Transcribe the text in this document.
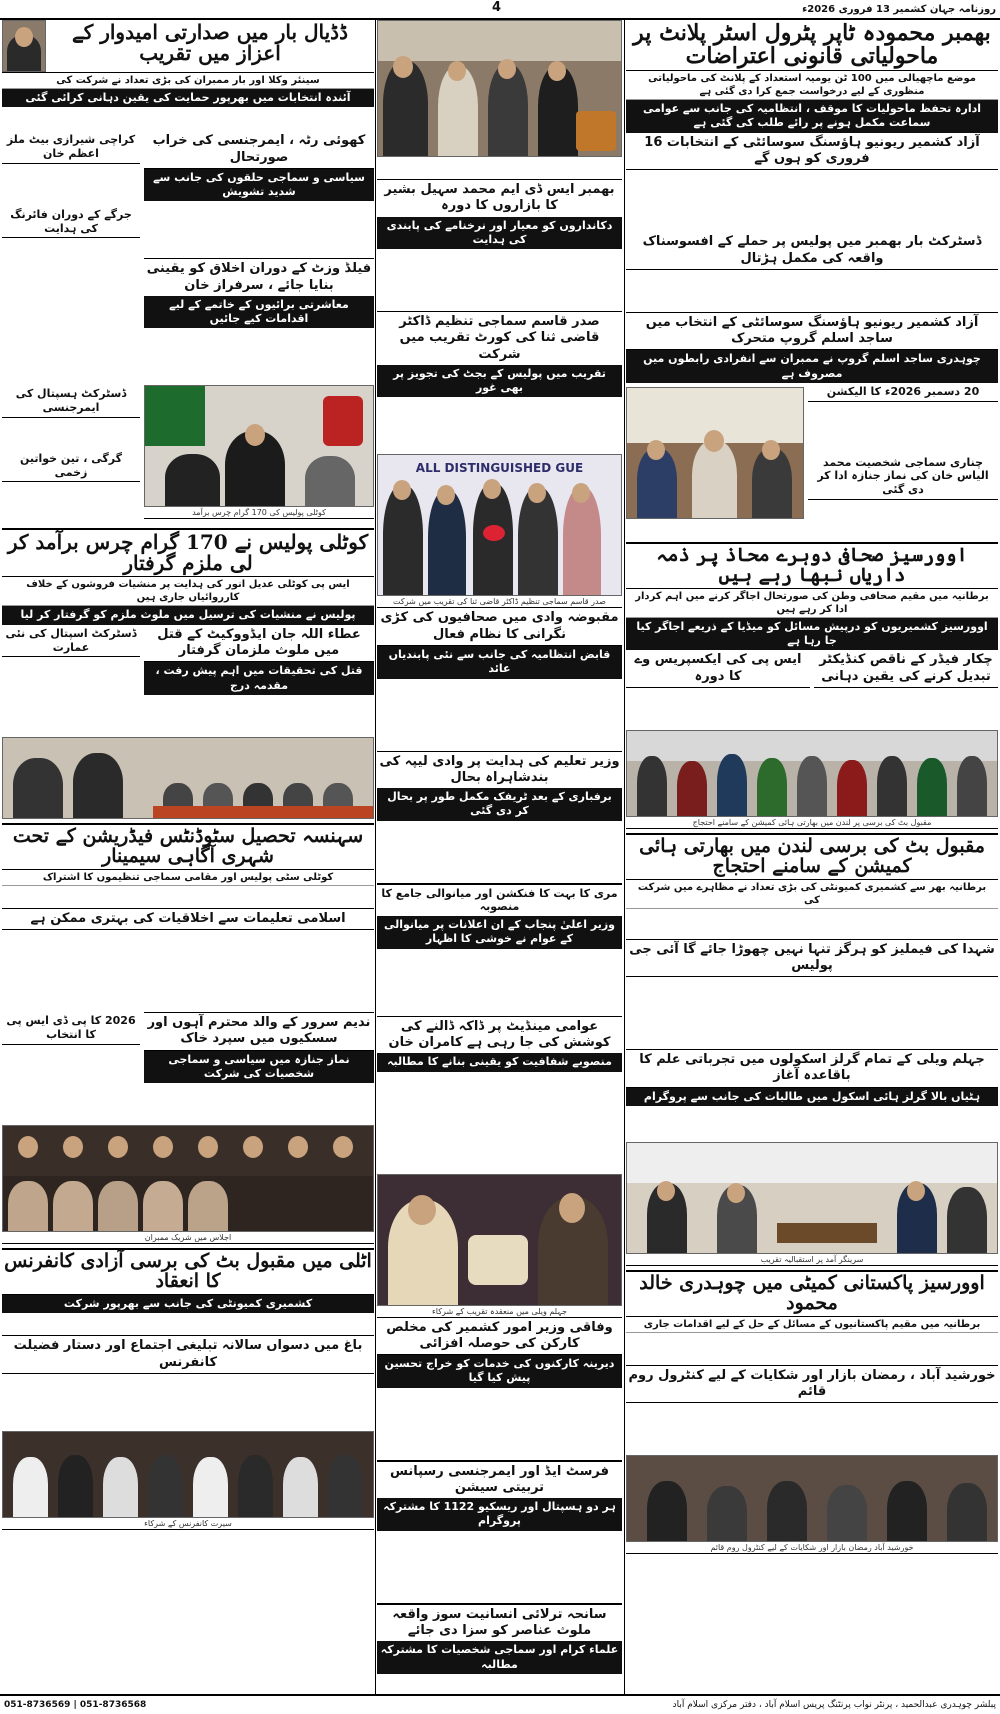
روزنامہ جہان کشمیر 13 فروری 2026ء
4
بھمبر محمودہ ٹاپر پٹرول اسٹر پلانٹ پر ماحولیاتی قانونی اعتراضات
موضع ماچھیالی میں 100 ٹن یومیہ استعداد کے پلانٹ کی ماحولیاتی منظوری کے لیے درخواست جمع کرا دی گئی ہے
ادارہ تحفظ ماحولیات کا موقف ، انتظامیہ کی جانب سے عوامی سماعت مکمل ہونے پر رائے طلب کی گئی ہے
آزاد کشمیر ریونیو ہاؤسنگ سوسائٹی کے انتخابات 16 فروری کو ہوں گے
ڈسٹرکٹ بار بھمبر میں پولیس پر حملے کے افسوسناک واقعہ کی مکمل ہڑتال
آزاد کشمیر ریونیو ہاؤسنگ سوسائٹی کے انتخاب میں ساجد اسلم گروپ متحرک
چوہدری ساجد اسلم گروپ نے ممبران سے انفرادی رابطوں میں مصروف ہے
20 دسمبر 2026ء کا الیکشن
چناری سماجی شخصیت محمد الیاس خان کی نماز جنازہ ادا کر دی گئی
اوورسیز صحافی دوہرے محاذ پر ذمہ داریاں نبھا رہے ہیں
برطانیہ میں مقیم صحافی وطن کی صورتحال اجاگر کرنے میں اہم کردار ادا کر رہے ہیں
اوورسیز کشمیریوں کو درپیش مسائل کو میڈیا کے ذریعے اجاگر کیا جا رہا ہے
چکار فیڈر کے ناقص کنڈیکٹر تبدیل کرنے کی یقین دہانی
ایس پی کی ایکسپریس وے کا دورہ
مقبول بٹ کی برسی پر لندن میں بھارتی ہائی کمیشن کے سامنے احتجاج
مقبول بٹ کی برسی لندن میں بھارتی ہائی کمیشن کے سامنے احتجاج
برطانیہ بھر سے کشمیری کمیونٹی کی بڑی تعداد نے مظاہرے میں شرکت کی
شہدا کی فیملیز کو ہرگز تنہا نہیں چھوڑا جائے گا آئی جی پولیس
جہلم ویلی کے تمام گرلز اسکولوں میں تجرباتی علم کا باقاعدہ آغاز
ہٹیاں بالا گرلز ہائی اسکول میں طالبات کی جانب سے پروگرام
سرینگر آمد پر استقبالیہ تقریب
اوورسیز پاکستانی کمیٹی میں چوہدری خالد محمود
برطانیہ میں مقیم پاکستانیوں کے مسائل کے حل کے لیے اقدامات جاری
خورشید آباد ، رمضان بازار اور شکایات کے لیے کنٹرول روم قائم
خورشید آباد رمضان بازار اور شکایات کے لیے کنٹرول روم قائم
بھمبر ایس ڈی ایم محمد سہیل بشیر کا بازاروں کا دورہ
دکانداروں کو معیار اور نرخنامے کی پابندی کی ہدایت
صدر قاسم سماجی تنظیم ڈاکٹر قاضی ثنا کی کورٹ تقریب میں شرکت
تقریب میں پولیس کے بجٹ کی تجویز پر بھی غور
ALL DISTINGUISHED GUE
صدر قاسم سماجی تنظیم ڈاکٹر قاضی ثنا کی تقریب میں شرکت
مقبوضہ وادی میں صحافیوں کی کڑی نگرانی کا نظام فعال
قابض انتظامیہ کی جانب سے نئی پابندیاں عائد
وزیر تعلیم کی ہدایت پر وادی لیپہ کی بندشاہراہ بحال
برفباری کے بعد ٹریفک مکمل طور پر بحال کر دی گئی
مری کا بہت کا فنکشن اور میانوالی جامع کا منصوبہ
وزیر اعلیٰ پنجاب کے ان اعلانات پر میانوالی کے عوام نے خوشی کا اظہار
عوامی مینڈیٹ پر ڈاکہ ڈالنے کی کوشش کی جا رہی ہے کامران خان
منصوبے شفافیت کو یقینی بنانے کا مطالبہ
جہلم ویلی میں منعقدہ تقریب کے شرکاء
وفاقی وزیر امور کشمیر کی مخلص کارکن کی حوصلہ افزائی
دیرینہ کارکنوں کی خدمات کو خراج تحسین پیش کیا گیا
فرسٹ ایڈ اور ایمرجنسی رسپانس تربیتی سیشن
ہر دو ہسپتال اور ریسکیو 1122 کا مشترکہ پروگرام
سانحہ ترلائی انسانیت سوز واقعہ ملوث عناصر کو سزا دی جائے
علماء کرام اور سماجی شخصیات کا مشترکہ مطالبہ
ڈڈیال بار میں صدارتی امیدوار کے اعزاز میں تقریب
سینئر وکلا اور بار ممبران کی بڑی تعداد نے شرکت کی
آئندہ انتخابات میں بھرپور حمایت کی یقین دہانی کرائی گئی
کھوئی رٹہ ، ایمرجنسی کی خراب صورتحال
سیاسی و سماجی حلقوں کی جانب سے شدید تشویش
فیلڈ وزٹ کے دوران اخلاق کو یقینی بنایا جائے ، سرفراز خان
معاشرتی برائیوں کے خاتمے کے لیے اقدامات کیے جائیں
کراچی شیرازی بیٹ ملز اعظم خان
جرگے کے دوران فائرنگ کی ہدایت
کوٹلی پولیس کی 170 گرام چرس برآمد
ڈسٹرکٹ ہسپتال کی ایمرجنسی
گرگی ، تین خواتین زخمی
کوٹلی پولیس نے 170 گرام چرس برآمد کر لی ملزم گرفتار
ایس پی کوٹلی عدیل انور کی ہدایت پر منشیات فروشوں کے خلاف کارروائیاں جاری ہیں
پولیس نے منشیات کی ترسیل میں ملوث ملزم کو گرفتار کر لیا
عطاء اللہ جان ایڈووکیٹ کے قتل میں ملوث ملزمان گرفتار
قتل کی تحقیقات میں اہم پیش رفت ، مقدمہ درج
ڈسٹرکٹ اسپتال کی نئی عمارت
سہنسہ تحصیل سٹوڈنٹس فیڈریشن کے تحت شہری آگاہی سیمینار
کوٹلی سٹی پولیس اور مقامی سماجی تنظیموں کا اشتراک
اسلامی تعلیمات سے اخلاقیات کی بہتری ممکن ہے
ندیم سرور کے والد محترم آہوں اور سسکیوں میں سپرد خاک
نماز جنازہ میں سیاسی و سماجی شخصیات کی شرکت
2026 کا پی ڈی ایس پی کا انتخاب
اجلاس میں شریک ممبران
اٹلی میں مقبول بٹ کی برسی آزادی کانفرنس کا انعقاد
کشمیری کمیونٹی کی جانب سے بھرپور شرکت
باغ میں دسواں سالانہ تبلیغی اجتماع اور دستار فضیلت کانفرنس
سیرت کانفرنس کے شرکاء
پبلشر چوہدری عبدالحمید ، پرنٹر نواب پرنٹنگ پریس اسلام آباد ، دفتر مرکزی اسلام آباد
051-8736569 | 051-8736568
